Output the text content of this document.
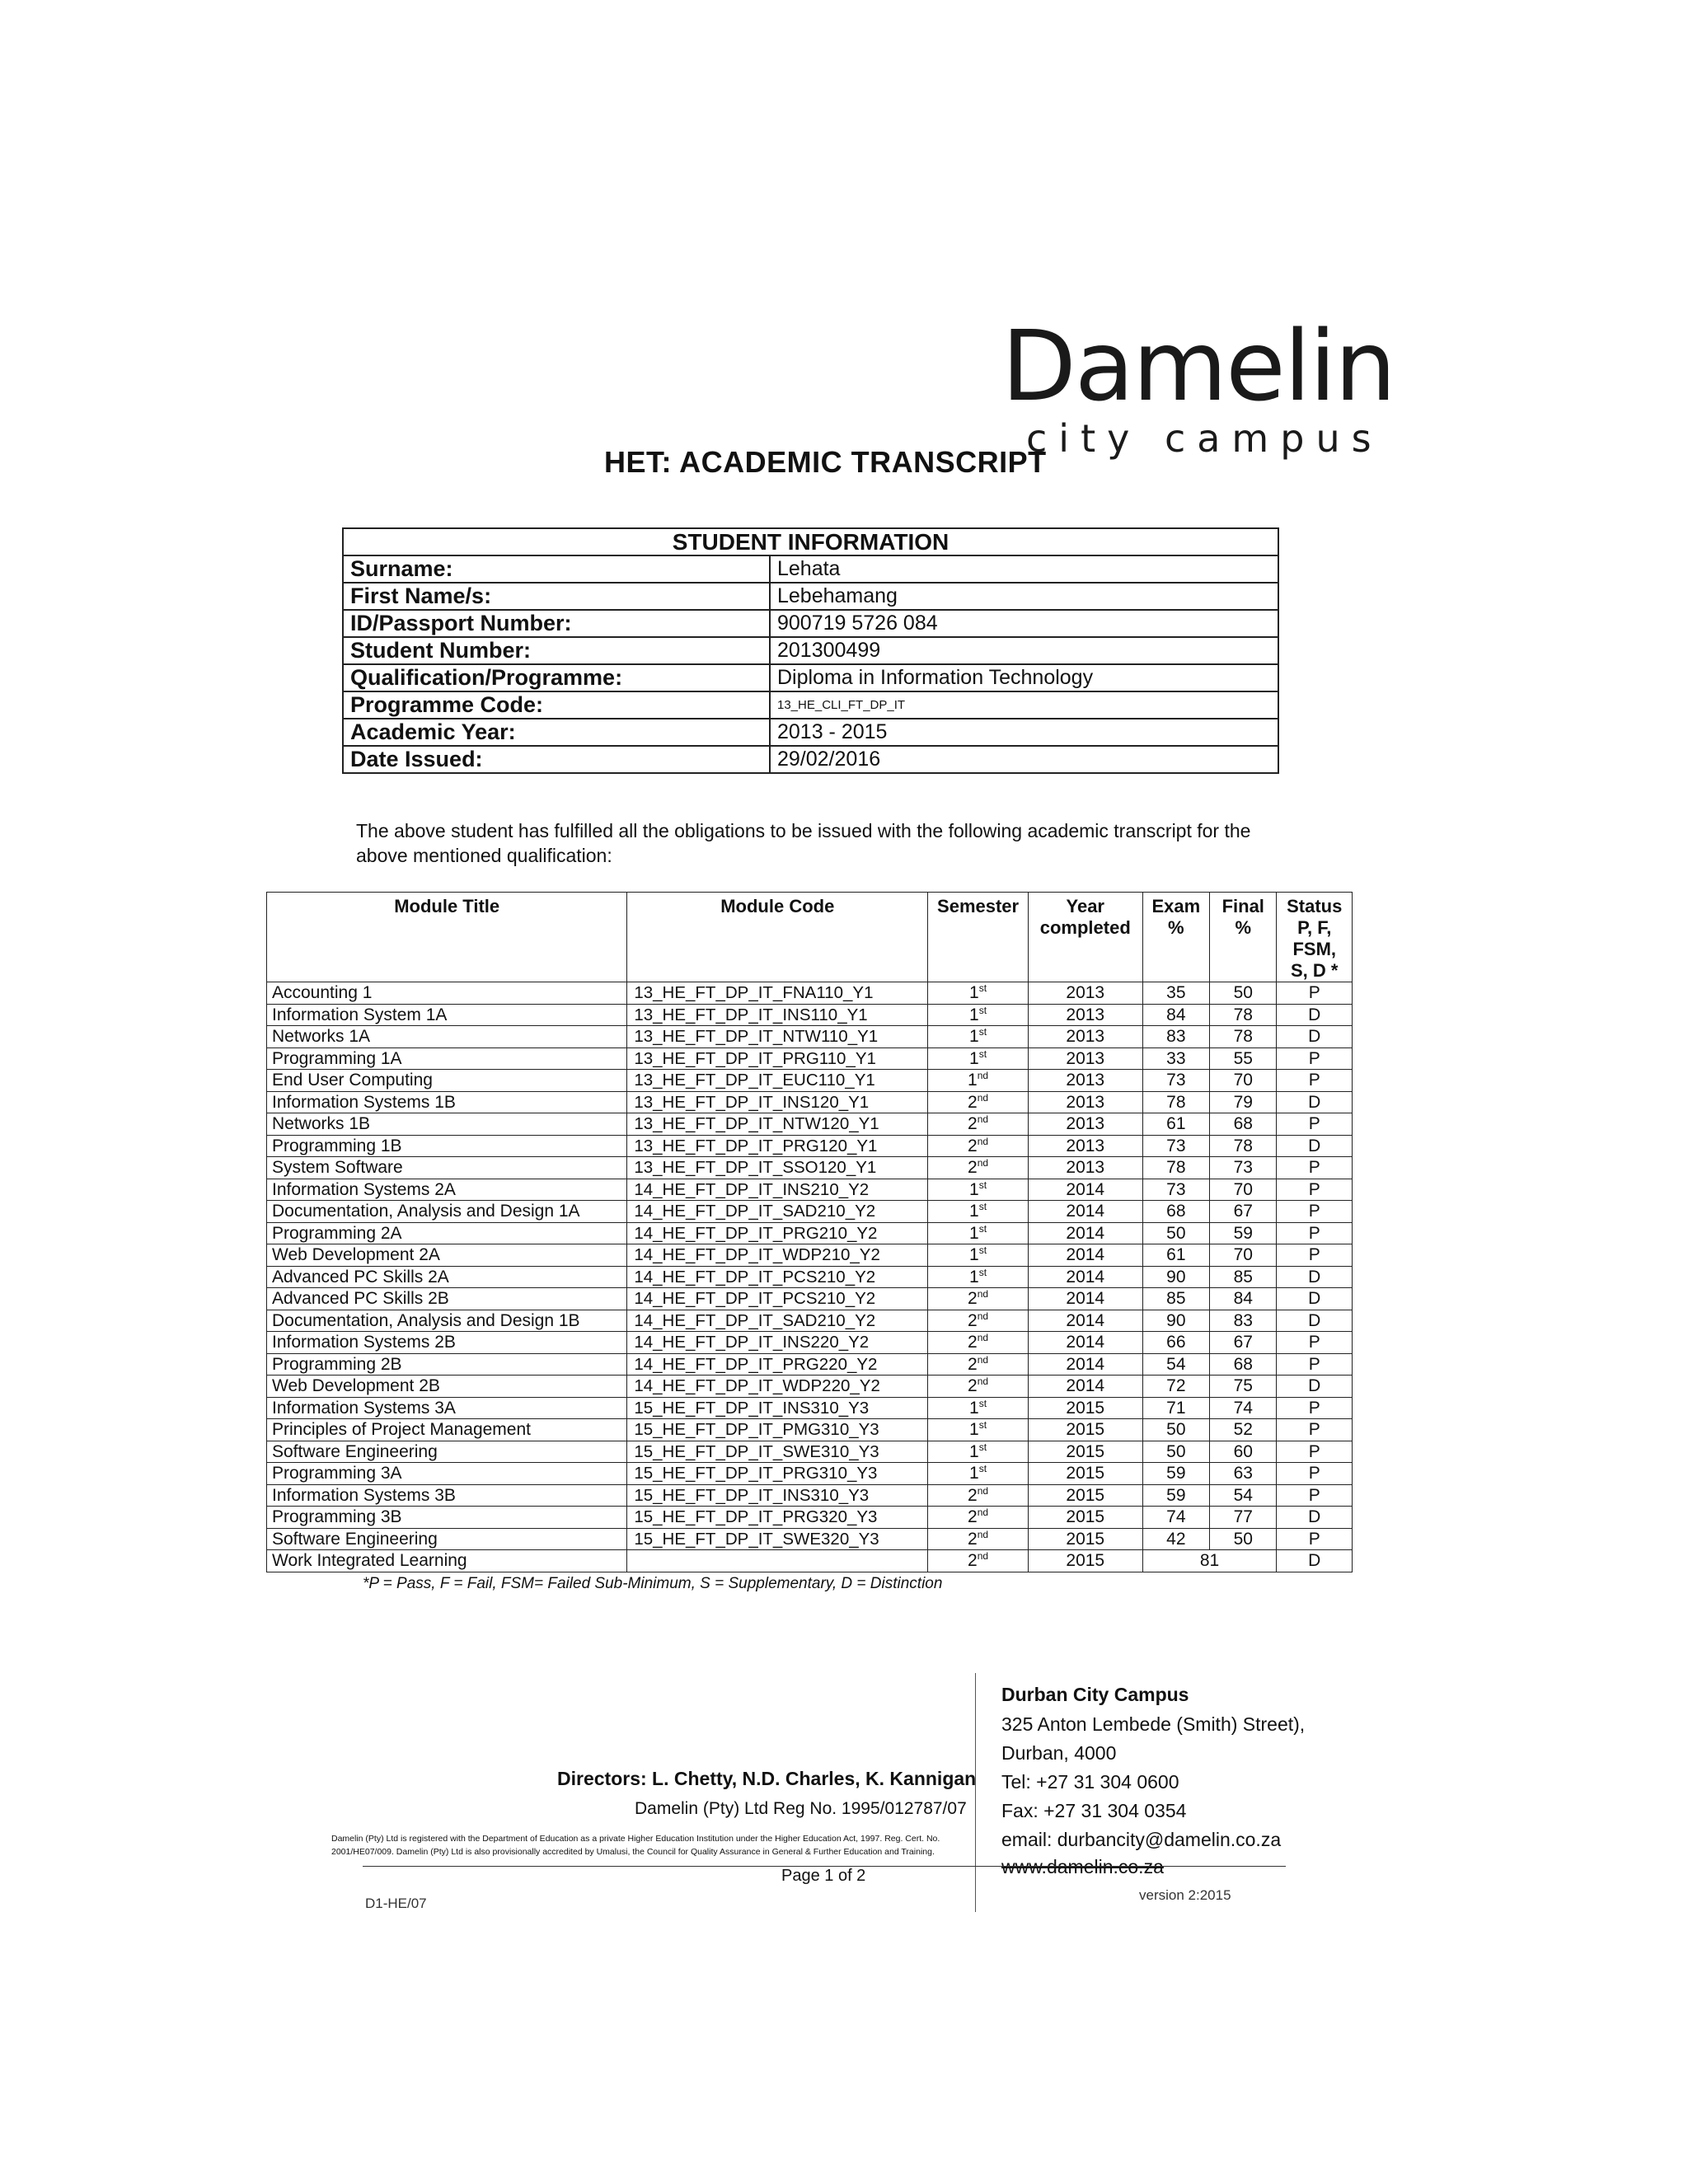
Damelin
city campus
HET: ACADEMIC TRANSCRIPT
STUDENT INFORMATION	
Surname:	Lehata
First Name/s:	Lebehamang
ID/Passport Number:	900719 5726 084
Student Number:	201300499
Qualification/Programme:	Diploma in Information Technology
Programme Code:	13_HE_CLI_FT_DP_IT
Academic Year:	2013 - 2015
Date Issued:	29/02/2016
The above student has fulfilled all the obligations to be issued with the following academic transcript for the above mentioned qualification:
Module Title	Module Code	Semester	Year completed	Exam %	Final %	Status P, F, FSM, S, D *
Accounting 1	13_HE_FT_DP_IT_FNA110_Y1	1st	2013	35	50	P
Information System 1A	13_HE_FT_DP_IT_INS110_Y1	1st	2013	84	78	D
Networks 1A	13_HE_FT_DP_IT_NTW110_Y1	1st	2013	83	78	D
Programming 1A	13_HE_FT_DP_IT_PRG110_Y1	1st	2013	33	55	P
End User Computing	13_HE_FT_DP_IT_EUC110_Y1	1nd	2013	73	70	P
Information Systems 1B	13_HE_FT_DP_IT_INS120_Y1	2nd	2013	78	79	D
Networks 1B	13_HE_FT_DP_IT_NTW120_Y1	2nd	2013	61	68	P
Programming 1B	13_HE_FT_DP_IT_PRG120_Y1	2nd	2013	73	78	D
System Software	13_HE_FT_DP_IT_SSO120_Y1	2nd	2013	78	73	P
Information Systems 2A	14_HE_FT_DP_IT_INS210_Y2	1st	2014	73	70	P
Documentation, Analysis and Design 1A	14_HE_FT_DP_IT_SAD210_Y2	1st	2014	68	67	P
Programming 2A	14_HE_FT_DP_IT_PRG210_Y2	1st	2014	50	59	P
Web Development 2A	14_HE_FT_DP_IT_WDP210_Y2	1st	2014	61	70	P
Advanced PC Skills 2A	14_HE_FT_DP_IT_PCS210_Y2	1st	2014	90	85	D
Advanced PC Skills 2B	14_HE_FT_DP_IT_PCS210_Y2	2nd	2014	85	84	D
Documentation, Analysis and Design 1B	14_HE_FT_DP_IT_SAD210_Y2	2nd	2014	90	83	D
Information Systems 2B	14_HE_FT_DP_IT_INS220_Y2	2nd	2014	66	67	P
Programming 2B	14_HE_FT_DP_IT_PRG220_Y2	2nd	2014	54	68	P
Web Development 2B	14_HE_FT_DP_IT_WDP220_Y2	2nd	2014	72	75	D
Information Systems 3A	15_HE_FT_DP_IT_INS310_Y3	1st	2015	71	74	P
Principles of Project Management	15_HE_FT_DP_IT_PMG310_Y3	1st	2015	50	52	P
Software Engineering	15_HE_FT_DP_IT_SWE310_Y3	1st	2015	50	60	P
Programming 3A	15_HE_FT_DP_IT_PRG310_Y3	1st	2015	59	63	P
Information Systems 3B	15_HE_FT_DP_IT_INS310_Y3	2nd	2015	59	54	P
Programming 3B	15_HE_FT_DP_IT_PRG320_Y3	2nd	2015	74	77	D
Software Engineering	15_HE_FT_DP_IT_SWE320_Y3	2nd	2015	42	50	P
Work Integrated Learning		2nd	2015	81		D
*P = Pass, F = Fail, FSM= Failed Sub-Minimum, S = Supplementary, D = Distinction
Durban City Campus
325 Anton Lembede (Smith) Street),
Durban, 4000
Tel: +27 31 304 0600
Fax: +27 31 304 0354
email: durbancity@damelin.co.za
www.damelin.co.za
Directors: L. Chetty, N.D. Charles, K. Kannigan
Damelin (Pty) Ltd Reg No. 1995/012787/07
Damelin (Pty) Ltd is registered with the Department of Education as a private Higher Education Institution under the Higher Education Act, 1997. Reg. Cert. No. 2001/HE07/009. Damelin (Pty) Ltd is also provisionally accredited by Umalusi, the Council for Quality Assurance in General & Further Education and Training.
Page 1 of 2
D1-HE/07
version 2:2015
